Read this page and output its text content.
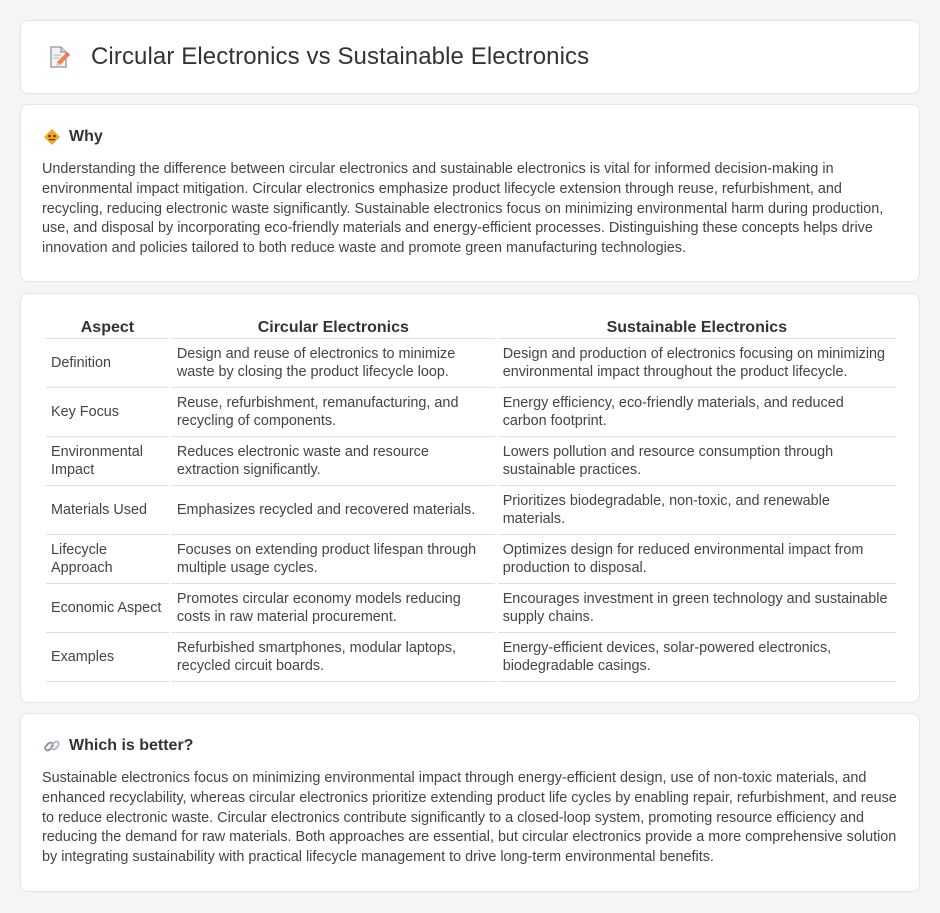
Circular Electronics vs Sustainable Electronics
Why

Understanding the difference between circular electronics and sustainable electronics is vital for informed decision-making in environmental impact mitigation. Circular electronics emphasize product lifecycle extension through reuse, refurbishment, and recycling, reducing electronic waste significantly. Sustainable electronics focus on minimizing environmental harm during production, use, and disposal by incorporating eco-friendly materials and energy-efficient processes. Distinguishing these concepts helps drive innovation and policies tailored to both reduce waste and promote green manufacturing technologies.

Aspect	Circular Electronics	Sustainable Electronics
Definition	Design and reuse of electronics to minimize waste by closing the product lifecycle loop.	Design and production of electronics focusing on minimizing environmental impact throughout the product lifecycle.
Key Focus	Reuse, refurbishment, remanufacturing, and recycling of components.	Energy efficiency, eco-friendly materials, and reduced carbon footprint.
Environmental Impact	Reduces electronic waste and resource extraction significantly.	Lowers pollution and resource consumption through sustainable practices.
Materials Used	Emphasizes recycled and recovered materials.	Prioritizes biodegradable, non-toxic, and renewable materials.
Lifecycle Approach	Focuses on extending product lifespan through multiple usage cycles.	Optimizes design for reduced environmental impact from production to disposal.
Economic Aspect	Promotes circular economy models reducing costs in raw material procurement.	Encourages investment in green technology and sustainable supply chains.
Examples	Refurbished smartphones, modular laptops, recycled circuit boards.	Energy-efficient devices, solar-powered electronics, biodegradable casings.
Which is better?

Sustainable electronics focus on minimizing environmental impact through energy-efficient design, use of non-toxic materials, and enhanced recyclability, whereas circular electronics prioritize extending product life cycles by enabling repair, refurbishment, and reuse to reduce electronic waste. Circular electronics contribute significantly to a closed-loop system, promoting resource efficiency and reducing the demand for raw materials. Both approaches are essential, but circular electronics provide a more comprehensive solution by integrating sustainability with practical lifecycle management to drive long-term environmental benefits.
